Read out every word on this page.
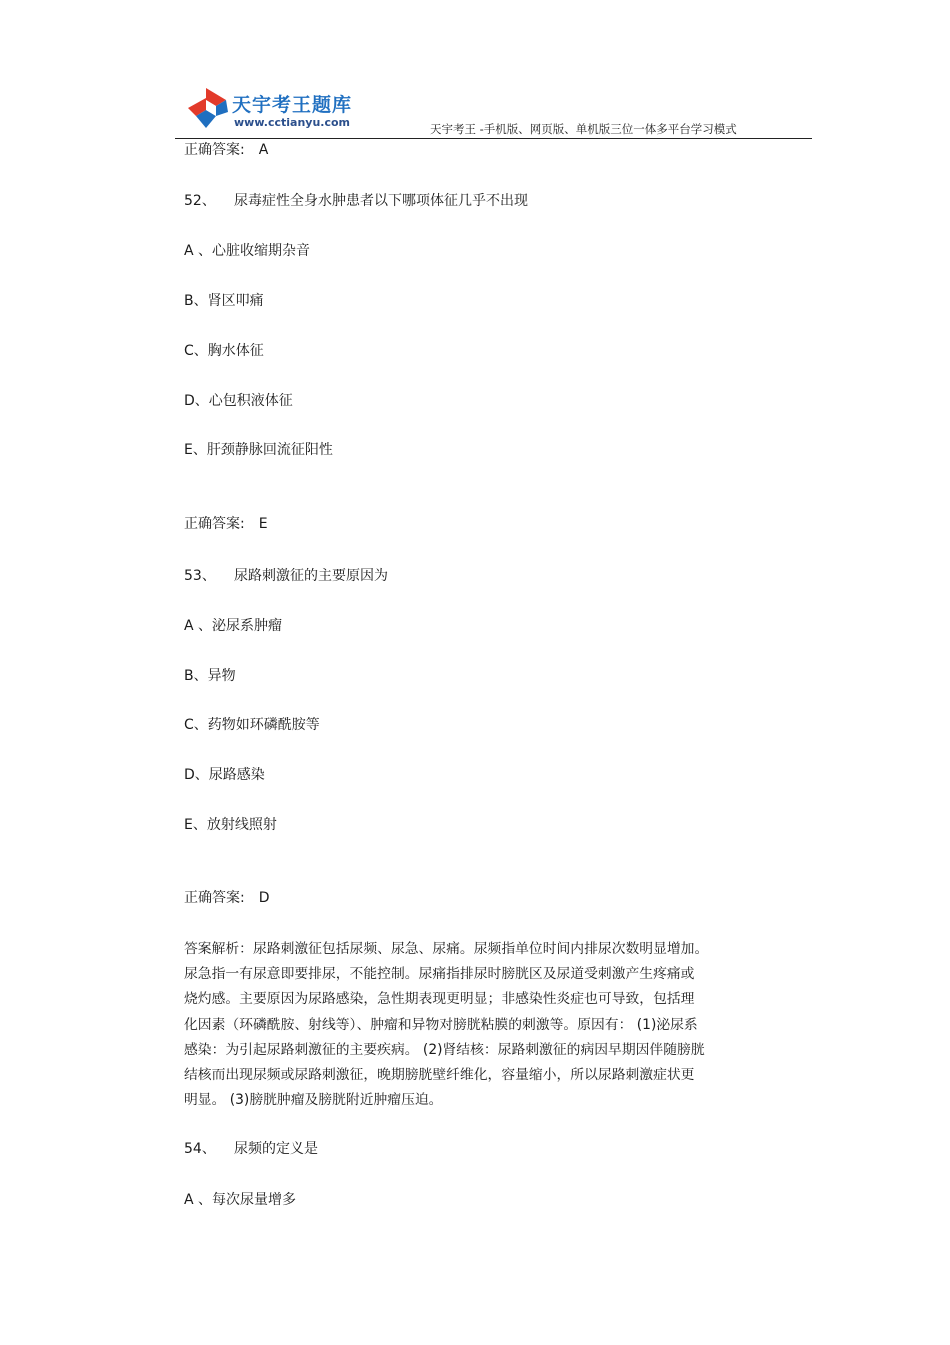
天宇考王题库
www.cctianyu.com	天宇考王 -手机版、网页版、单机版三位一体多平台学习模式
正确答案: A
52、 尿毒症性全身水肿患者以下哪项体征几乎不出现
A 、心脏收缩期杂音
B、肾区叩痛
C、胸水体征
D、心包积液体征
E、肝颈静脉回流征阳性
正确答案: E
53、 尿路刺激征的主要原因为
A 、泌尿系肿瘤
B、异物
C、药物如环磷酰胺等
D、尿路感染
E、放射线照射
正确答案: D
答案解析：尿路刺激征包括尿频、尿急、尿痛。尿频指单位时间内排尿次数明显增加。
尿急指一有尿意即要排尿，不能控制。尿痛指排尿时膀胱区及尿道受刺激产生疼痛或
烧灼感。主要原因为尿路感染，急性期表现更明显；非感染性炎症也可导致，包括理
化因素（环磷酰胺、射线等）、肿瘤和异物对膀胱粘膜的刺激等。原因有： (1)泌尿系
感染：为引起尿路刺激征的主要疾病。 (2)肾结核：尿路刺激征的病因早期因伴随膀胱
结核而出现尿频或尿路刺激征，晚期膀胱壁纤维化，容量缩小，所以尿路刺激症状更
明显。 (3)膀胱肿瘤及膀胱附近肿瘤压迫。
54、 尿频的定义是
A 、每次尿量增多
